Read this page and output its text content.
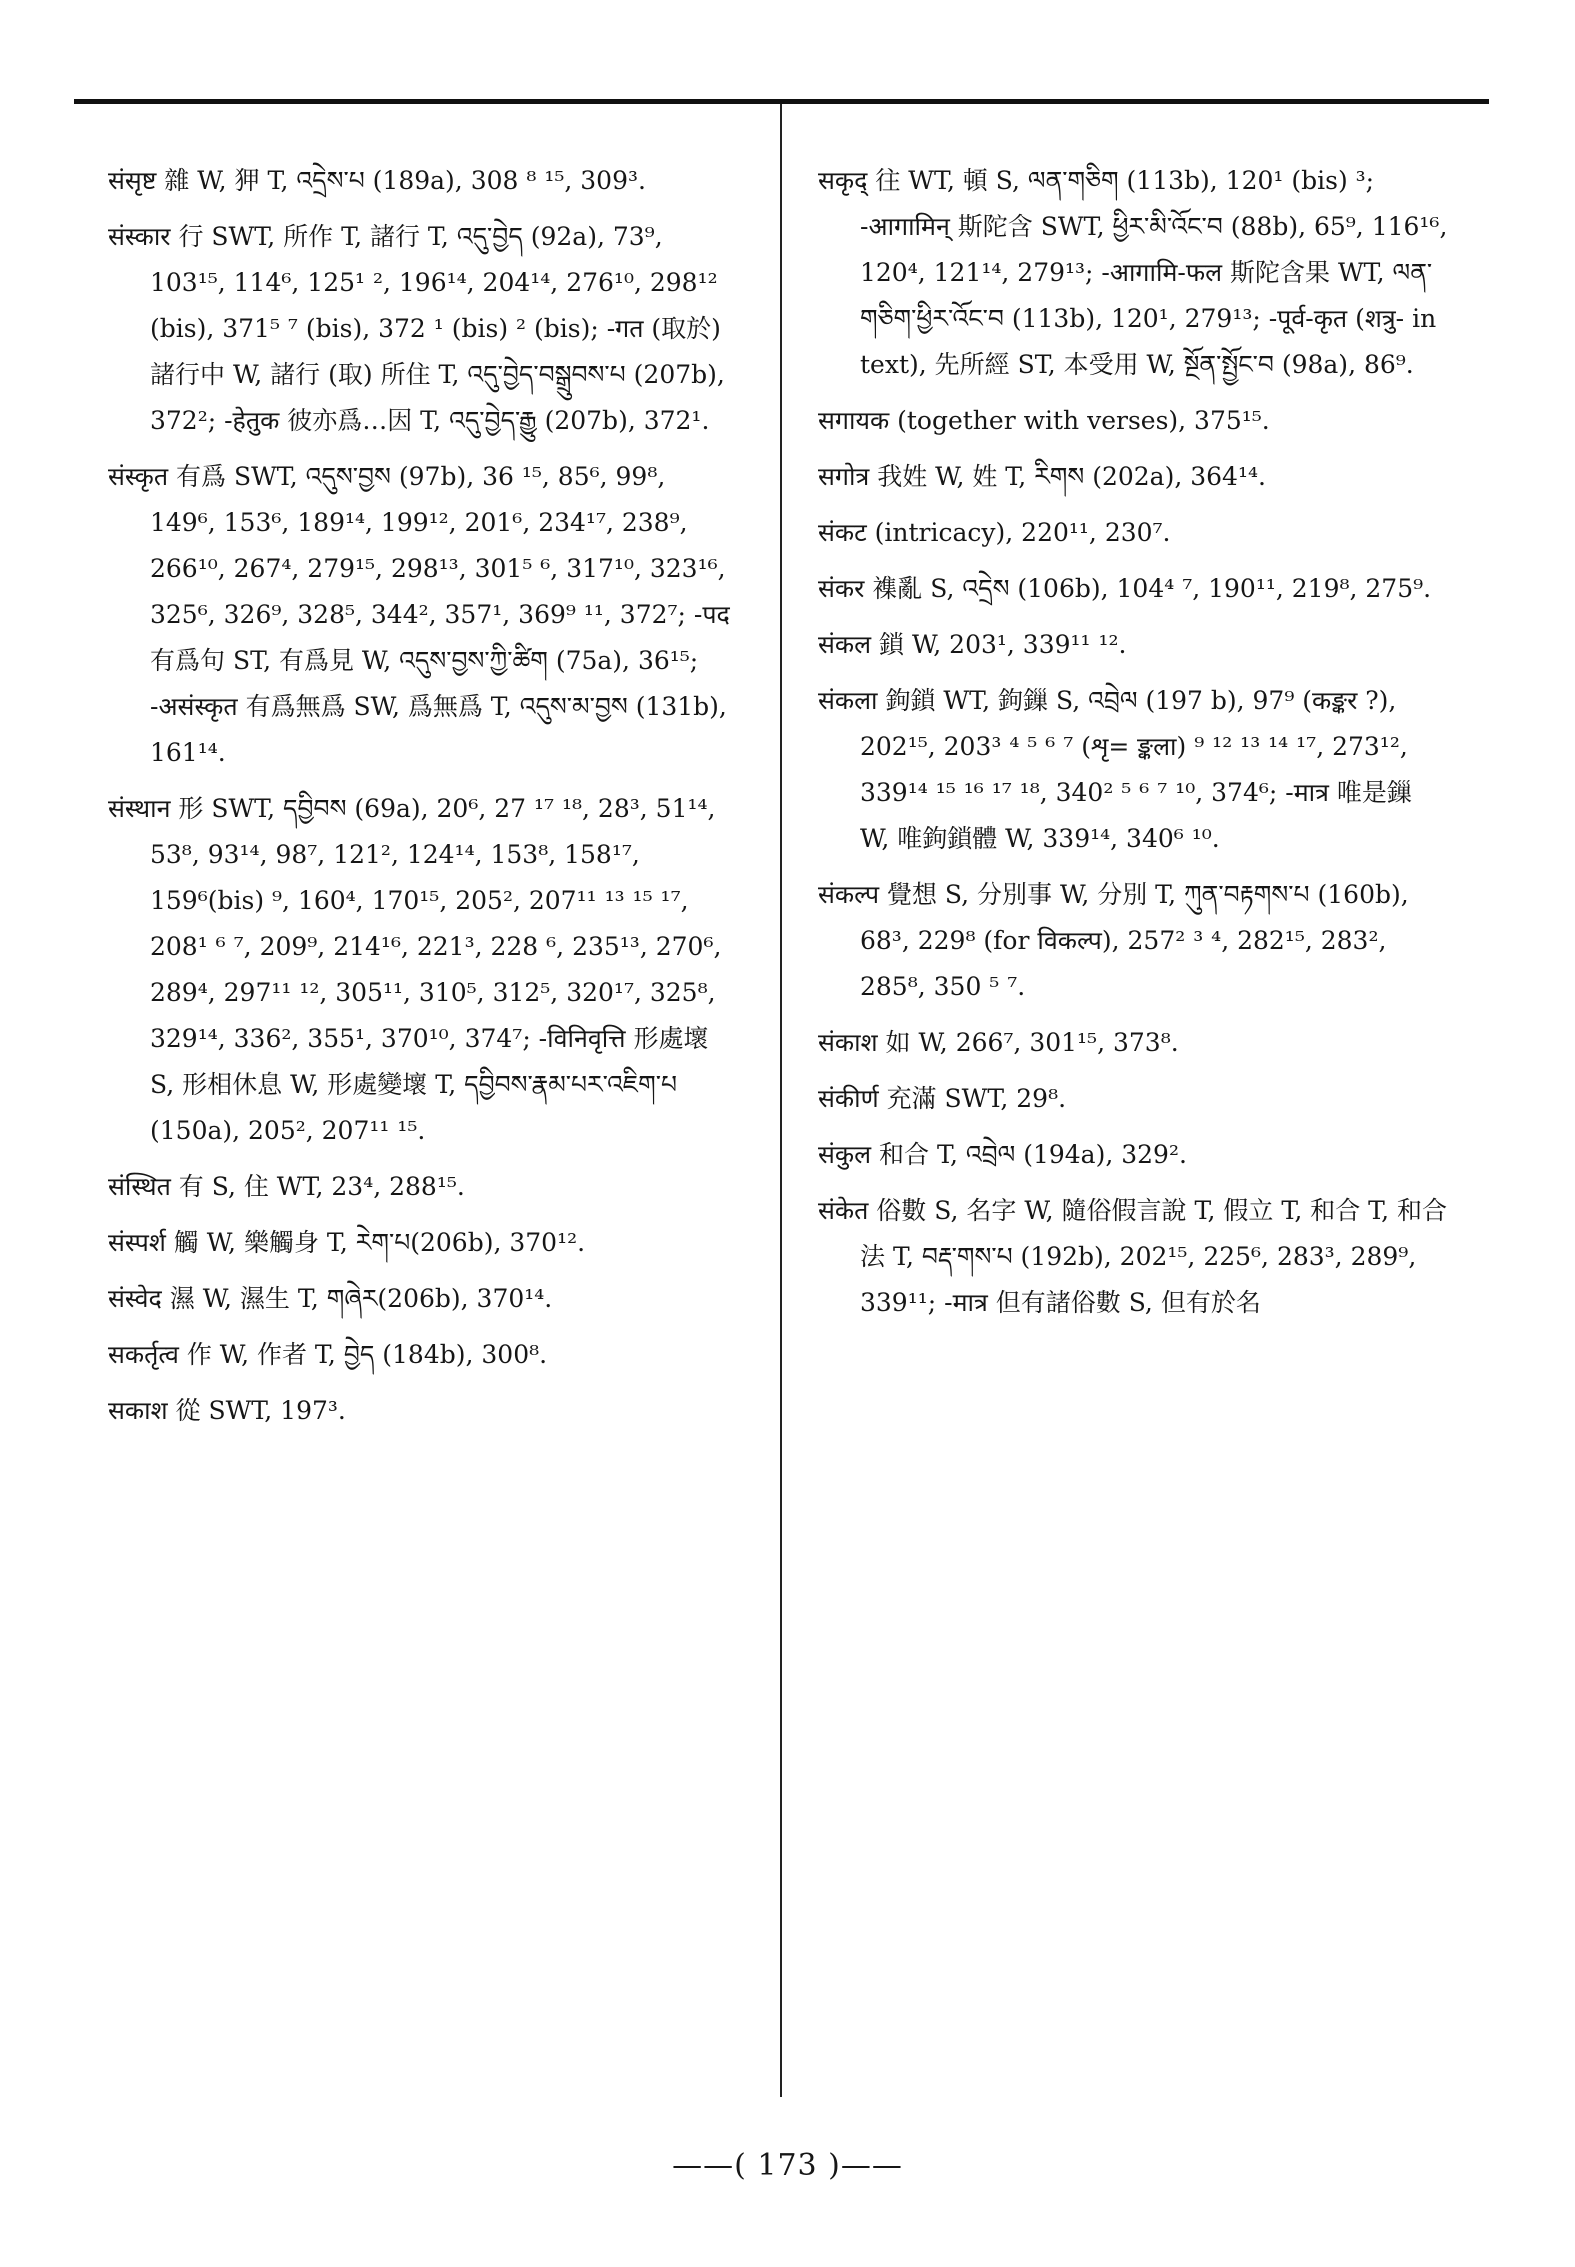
संसृष्ट 雜 W, 狎 T, འདྲེས་པ (189a), 308 ⁸ ¹⁵, 309³.

संस्कार 行 SWT, 所作 T, 諸行 T, འདུ་བྱེད (92a), 73⁹, 103¹⁵, 114⁶, 125¹ ², 196¹⁴, 204¹⁴, 276¹⁰, 298¹² (bis), 371⁵ ⁷ (bis), 372 ¹ (bis) ² (bis); -गत (取於) 諸行中 W, 諸行 (取) 所住 T, འདུ་བྱེད་བསྒྲུབས་པ (207b), 372²; -हेतुक 彼亦爲…因 T, འདུ་བྱེད་རྒྱུ (207b), 372¹.

संस्कृत 有爲 SWT, འདུས་བྱས (97b), 36 ¹⁵, 85⁶, 99⁸, 149⁶, 153⁶, 189¹⁴, 199¹², 201⁶, 234¹⁷, 238⁹, 266¹⁰, 267⁴, 279¹⁵, 298¹³, 301⁵ ⁶, 317¹⁰, 323¹⁶, 325⁶, 326⁹, 328⁵, 344², 357¹, 369⁹ ¹¹, 372⁷; -पद 有爲句 ST, 有爲見 W, འདུས་བྱས་ཀྱི་ཚིག (75a), 36¹⁵; -असंस्कृत 有爲無爲 SW, 爲無爲 T, འདུས་མ་བྱས (131b), 161¹⁴.

संस्थान 形 SWT, དབྱིབས (69a), 20⁶, 27 ¹⁷ ¹⁸, 28³, 51¹⁴, 53⁸, 93¹⁴, 98⁷, 121², 124¹⁴, 153⁸, 158¹⁷, 159⁶(bis) ⁹, 160⁴, 170¹⁵, 205², 207¹¹ ¹³ ¹⁵ ¹⁷, 208¹ ⁶ ⁷, 209⁹, 214¹⁶, 221³, 228 ⁶, 235¹³, 270⁶, 289⁴, 297¹¹ ¹², 305¹¹, 310⁵, 312⁵, 320¹⁷, 325⁸, 329¹⁴, 336², 355¹, 370¹⁰, 374⁷; -विनिवृत्ति 形處壞 S, 形相休息 W, 形處變壞 T, དབྱིབས་རྣམ་པར་འཇིག་པ (150a), 205², 207¹¹ ¹⁵.

संस्थित 有 S, 住 WT, 23⁴, 288¹⁵.

संस्पर्श 觸 W, 樂觸身 T, རེག་པ(206b), 370¹².

संस्वेद 濕 W, 濕生 T, གཞེར(206b), 370¹⁴.

सकर्तृत्व 作 W, 作者 T, བྱེད (184b), 300⁸.

सकाश 從 SWT, 197³.

सकृद् 往 WT, 頓 S, ལན་གཅིག (113b), 120¹ (bis) ³; -आगामिन् 斯陀含 SWT, ཕྱིར་མི་འོང་བ (88b), 65⁹, 116¹⁶, 120⁴, 121¹⁴, 279¹³; -आगामि-फल 斯陀含果 WT, ལན་གཅིག་ཕྱིར་འོང་བ (113b), 120¹, 279¹³; -पूर्व-कृत (शत्रु- in text), 先所經 ST, 本受用 W, སྔོན་སྤྱོང་བ (98a), 86⁹.

सगायक (together with verses), 375¹⁵.

सगोत्र 我姓 W, 姓 T, རིགས (202a), 364¹⁴.

संकट (intricacy), 220¹¹, 230⁷.

संकर 襍亂 S, འདྲེས (106b), 104⁴ ⁷, 190¹¹, 219⁸, 275⁹.

संकल 鎖 W, 203¹, 339¹¹ ¹².

संकला 鉤鎖 WT, 鉤鏁 S, འབྲེལ (197 b), 97⁹ (कङ्कर ?), 202¹⁵, 203³ ⁴ ⁵ ⁶ ⁷ (शृ= ङ्कला) ⁹ ¹² ¹³ ¹⁴ ¹⁷, 273¹², 339¹⁴ ¹⁵ ¹⁶ ¹⁷ ¹⁸, 340² ⁵ ⁶ ⁷ ¹⁰, 374⁶; -मात्र 唯是鏁 W, 唯鉤鎖體 W, 339¹⁴, 340⁶ ¹⁰.

संकल्प 覺想 S, 分別事 W, 分別 T, ཀུན་བརྟགས་པ (160b), 68³, 229⁸ (for विकल्प), 257² ³ ⁴, 282¹⁵, 283², 285⁸, 350 ⁵ ⁷.

संकाश 如 W, 266⁷, 301¹⁵, 373⁸.

संकीर्ण 充滿 SWT, 29⁸.

संकुल 和合 T, འབྲེལ (194a), 329².

संकेत 俗數 S, 名字 W, 隨俗假言說 T, 假立 T, 和合 T, 和合法 T, བརྡ་གས་པ (192b), 202¹⁵, 225⁶, 283³, 289⁹, 339¹¹; -मात्र 但有諸俗數 S, 但有於名

——( 173 )——
